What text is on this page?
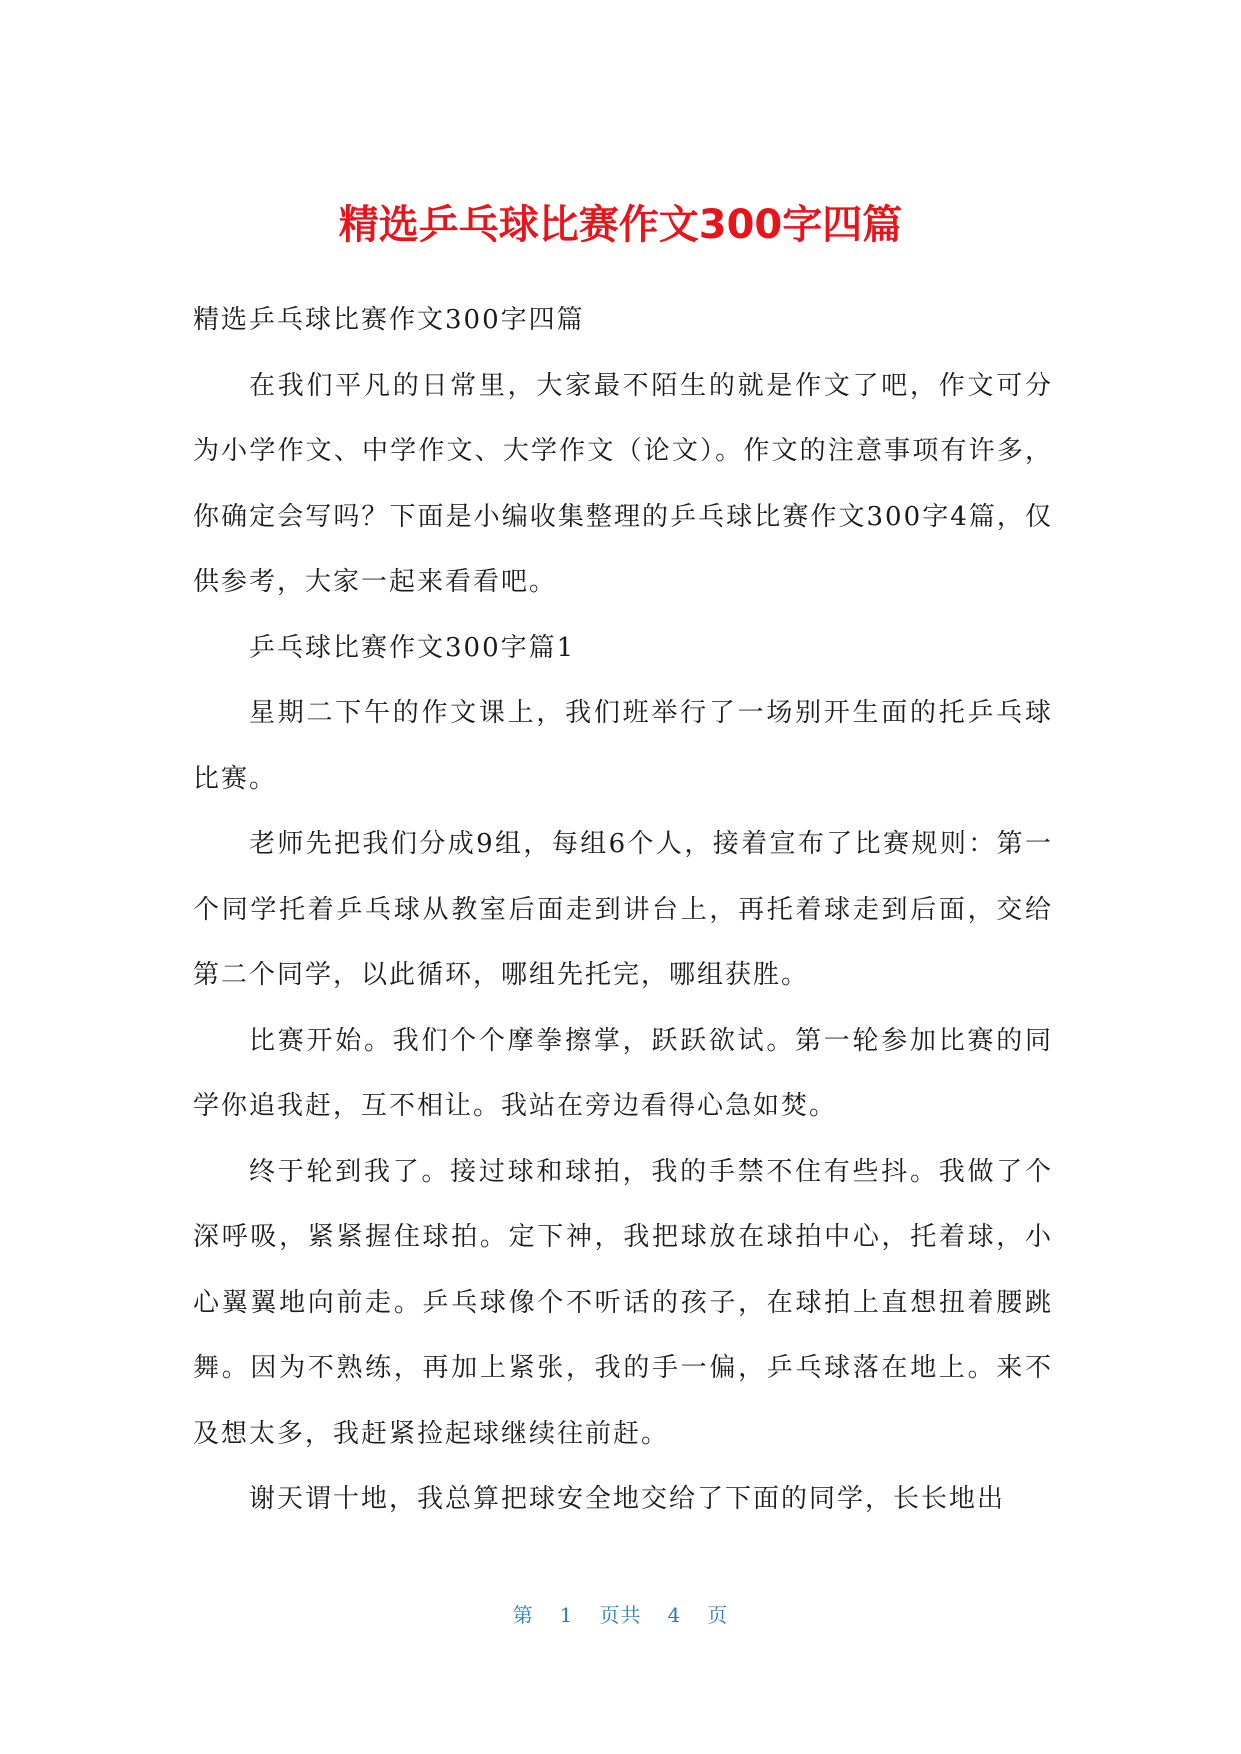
精选乒乓球比赛作文300字四篇

精选乒乓球比赛作文300字四篇

在我们平凡的日常里，大家最不陌生的就是作文了吧，作文可分为小学作文、中学作文、大学作文（论文）。作文的注意事项有许多，你确定会写吗？下面是小编收集整理的乒乓球比赛作文300字4篇，仅供参考，大家一起来看看吧。

乒乓球比赛作文300字篇1

星期二下午的作文课上，我们班举行了一场别开生面的托乒乓球比赛。

老师先把我们分成9组，每组6个人，接着宣布了比赛规则：第一个同学托着乒乓球从教室后面走到讲台上，再托着球走到后面，交给第二个同学，以此循环，哪组先托完，哪组获胜。

比赛开始。我们个个摩拳擦掌，跃跃欲试。第一轮参加比赛的同学你追我赶，互不相让。我站在旁边看得心急如焚。

终于轮到我了。接过球和球拍，我的手禁不住有些抖。我做了个深呼吸，紧紧握住球拍。定下神，我把球放在球拍中心，托着球，小心翼翼地向前走。乒乓球像个不听话的孩子，在球拍上直想扭着腰跳舞。因为不熟练，再加上紧张，我的手一偏，乒乓球落在地上。来不及想太多，我赶紧捡起球继续往前赶。

谢天谓十地，我总算把球安全地交给了下面的同学，长长地出

第 1 页共 4 页
